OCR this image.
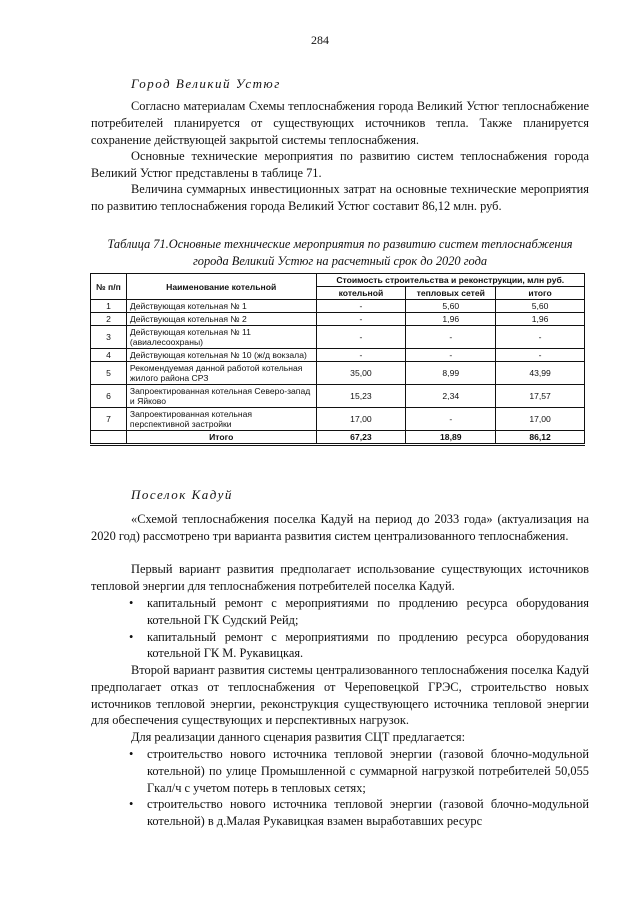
284
Город Великий Устюг

Согласно материалам Схемы теплоснабжения города Великий Устюг теплоснабжение потребителей планируется от существующих источников тепла. Также планируется сохранение действующей закрытой системы теплоснабжения.

Основные технические мероприятия по развитию систем теплоснабжения города Великий Устюг представлены в таблице 71.

Величина суммарных инвестиционных затрат на основные технические мероприятия по развитию теплоснабжения города Великий Устюг составит 86,12 млн. руб.

Таблица 71.Основные технические мероприятия по развитию систем теплоснабжения города Великий Устюг на расчетный срок до 2020 года
№ п/п	Наименование котельной	Стоимость строительства и реконструкции, млн руб.		
		котельной	тепловых сетей	итого
1	Действующая котельная № 1	-	5,60	5,60
2	Действующая котельная № 2	-	1,96	1,96
3	Действующая котельная № 11 (авиалесоохраны)	-	-	-
4	Действующая котельная № 10 (ж/д вокзала)	-	-	-
5	Рекомендуемая данной работой котельная жилого района СРЗ	35,00	8,99	43,99
6	Запроектированная котельная Северо-запад и Яйково	15,23	2,34	17,57
7	Запроектированная котельная перспективной застройки	17,00	-	17,00
	Итого	67,23	18,89	86,12
Поселок Кадуй

«Схемой теплоснабжения поселка Кадуй на период до 2033 года» (актуализация на 2020 год) рассмотрено три варианта развития систем централизованного теплоснабжения.

Первый вариант развития предполагает использование существующих источников тепловой энергии для теплоснабжения потребителей поселка Кадуй.

• капитальный ремонт с мероприятиями по продлению ресурса оборудования котельной ГК Судский Рейд;
• капитальный ремонт с мероприятиями по продлению ресурса оборудования котельной ГК М. Рукавицкая.

Второй вариант развития системы централизованного теплоснабжения поселка Кадуй предполагает отказ от теплоснабжения от Череповецкой ГРЭС, строительство новых источников тепловой энергии, реконструкция существующего источника тепловой энергии для обеспечения существующих и перспективных нагрузок.

Для реализации данного сценария развития СЦТ предлагается:

• строительство нового источника тепловой энергии (газовой блочно-модульной котельной) по улице Промышленной с суммарной нагрузкой потребителей 50,055 Гкал/ч с учетом потерь в тепловых сетях;
• строительство нового источника тепловой энергии (газовой блочно-модульной котельной) в д.Малая Рукавицкая взамен выработавших ресурс
